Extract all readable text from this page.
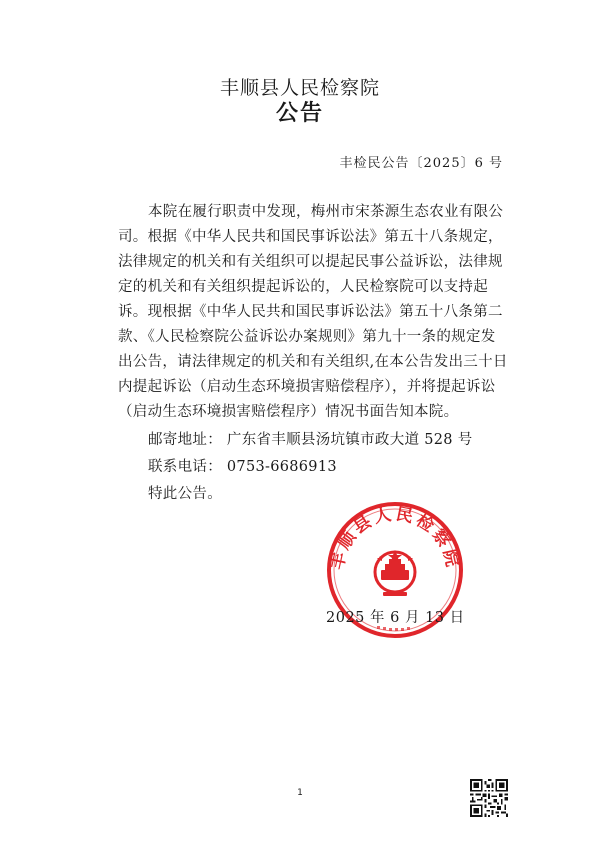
丰顺县人民检察院
公告
丰检民公告〔2025〕6 号
本院在履行职责中发现，梅州市宋茶源生态农业有限公
司。根据《中华人民共和国民事诉讼法》第五十八条规定，
法律规定的机关和有关组织可以提起民事公益诉讼，法律规
定的机关和有关组织提起诉讼的，人民检察院可以支持起
诉。现根据《中华人民共和国民事诉讼法》第五十八条第二
款、《人民检察院公益诉讼办案规则》第九十一条的规定发
出公告，请法律规定的机关和有关组织,在本公告发出三十日
内提起诉讼（启动生态环境损害赔偿程序），并将提起诉讼
（启动生态环境损害赔偿程序）情况书面告知本院。
邮寄地址： 广东省丰顺县汤坑镇市政大道 528 号
联系电话： 0753-6686913
特此公告。
丰顺县人民检察院
2025 年 6 月 13 日
1
